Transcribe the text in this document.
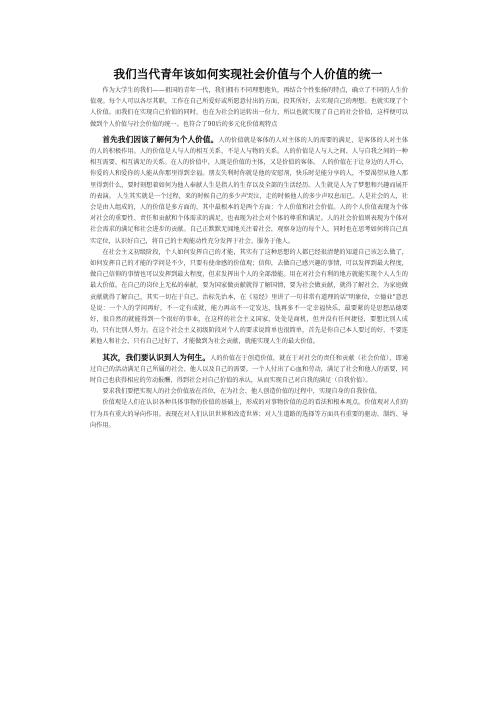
我们当代青年该如何实现社会价值与个人价值的统一

作为大学生的我们——祖国的青年一代，我们拥有不同理想抱负，再结合个性张扬的特点，确立了不同的人生价值观。每个人可以各尽其职，工作在自己所爱好或所愿意付出的方面，投其所好，去实现自己的理想。也就实现了个人价值。而我们在实现自己价值的同时，也在为社会的运转出一份力，所以也就实现了自己的社会价值，这样便可以做到个人价值与社会价值的统一。也符合了90后的多元化价值观特点

首先我们因该了解何为个人价值。人的价值就是客体的人对主体的人的需要的满足，是客体的人对主体的人的积极作用。人的价值是人与人的相互关系，不是人与物的关系。人的价值是人与人之间、人与自我之间的一种相互需要、相互满足的关系。在人的价值中，人既是价值的主体，又是价值的客体。 人的价值在于让身边的人开心，你爱的人和爱你的人能从你那里得到幸福。朋友失利时你就是他的安慰剂，快乐时是能分享的人，不要渴望从他人那里得到什么，要时刻想着如何为他人奉献人生是指人的生存以及全部的生活经历。人生就是人为了梦想和兴趣而展开的表演。 人生其实就是一个过程，来的时候自己的多少声哭泣，走的时候他人的多少声叹息而已。人是社会的人，社会是由人组成的，人的价值是多方面的，其中最根本的是两个方面：个人价值和社会价值。人的个人价值表现为个体对社会的重要性、责任和贡献和个体需求的满足，也表现为社会对个体的尊重和满足。人的社会价值则表现为个体对社会需求的满足和社会进步的贡献。自己正默默无闻地关注着社会，观察身边的每个人，同时也在思考如何将自己真实定位，认识好自己，将自己的主观能动性充分发挥于社会、服务于他人。

在社会主义初级阶段，个人如何发挥自己的才能，其实有了这种思想的人都已经很清楚的知道自己该怎么做了，如何发挥自己的才能的学问是不少，只要有使命感的价值观；信仰，去做自己感兴趣的事情，可以发挥到最大程度，做自己信仰的事情也可以发挥到最大程度，但求发挥出个人的全部潜能。用在对社会有利的地方就能实现个人人生的最大价值。在自己的岗位上无私的奉献，要为国家做贡献就得了解国情，要为社会做贡献，就得了解社会，为家庭做贡献就得了解自己，其实一切在于自己，治标先治本，在《易经》里讲了一句非常有道理的话"明象位，立德业"意思是说：一个人的学问再好，不一定有成就，能力再高不一定发达，钱再多不一定幸福快乐，最要紧的是思想品德要好，很自然的就能得到一个很好的事业，在这样的社会主义国家，处处是商机，但并没有任何捷径，要想比别人成功，只有比别人努力。在这个社会主义初级阶段对个人的要求说简单也很简单，首先是你自己本人要过的好，不要连累他人和社会，只有自己过好了，才能做到为社会贡献，就能实现人生的最大价值。

其次，我们要认识到人为何生。人的价值在于创造价值，就在于对社会的责任和贡献（社会价值），即通过自己的活动满足自己所属的社会、他人以及自己的需要。一个人付出了心血和劳动，满足了社会和他人的需要，同时自己也获得相应的劳动报酬，得到社会对自己价值的承认，从而实现自己对自我的满足（自我价值）。

要求我们要把实现人的社会价值放在首位，在为社会、他人创造价值的过程中，实现自身的自我价值。

价值观是人们在认识各种具体事物的价值的基础上，形成的对事物价值的总的看法和根本观点。价值观对人们的行为具有重大的导向作用。表现在对人们认识世界和改造世界；对人生道路的选择等方面具有重要的驱动、制约、导向作用。
